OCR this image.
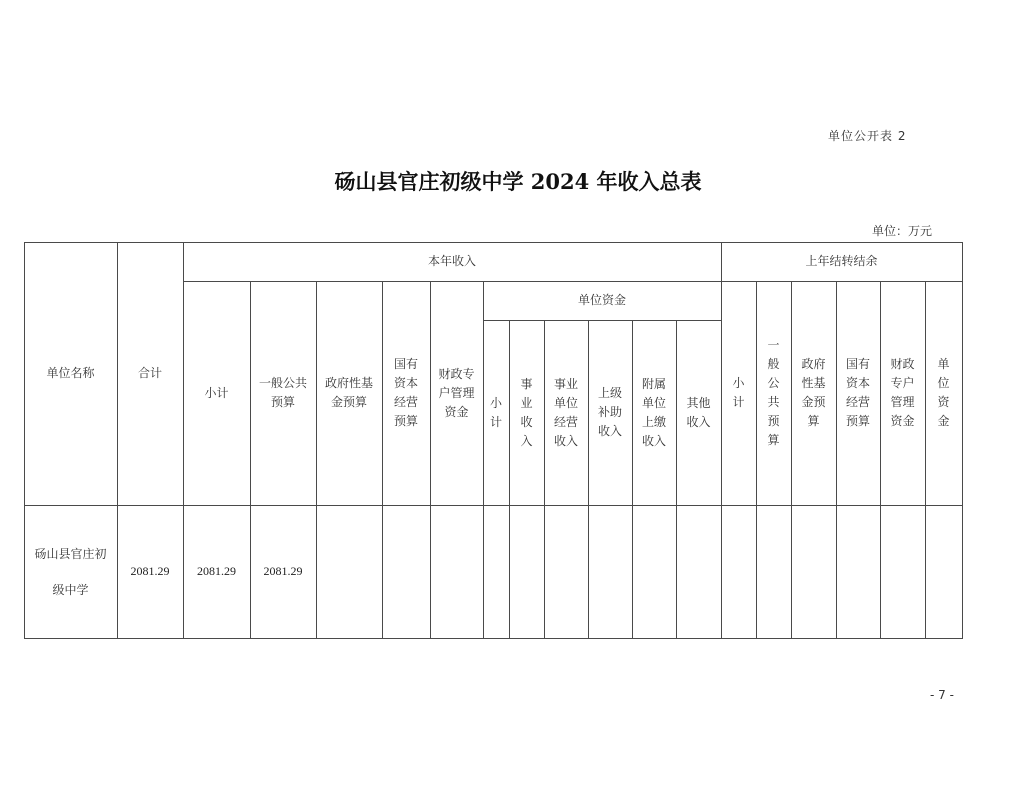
单位公开表 2
砀山县官庄初级中学 2024 年收入总表
单位：万元
单位名称	合计
本年收入	上年结转结余
小计
一般公共
预算
政府性基
金预算
国有
资本
经营
预算
财政专
户管理
资金
单位资金
小
计
事
业
收
入
事业
单位
经营
收入
上级
补助
收入
附属
单位
上缴
收入
其他
收入
小
计
一
般
公
共
预
算
政府
性基
金预
算
国有
资本
经营
预算
财政
专户
管理
资金
单
位
资
金
砀山县官庄初
级中学
2081.29 2081.29 2081.29
- 7 -
